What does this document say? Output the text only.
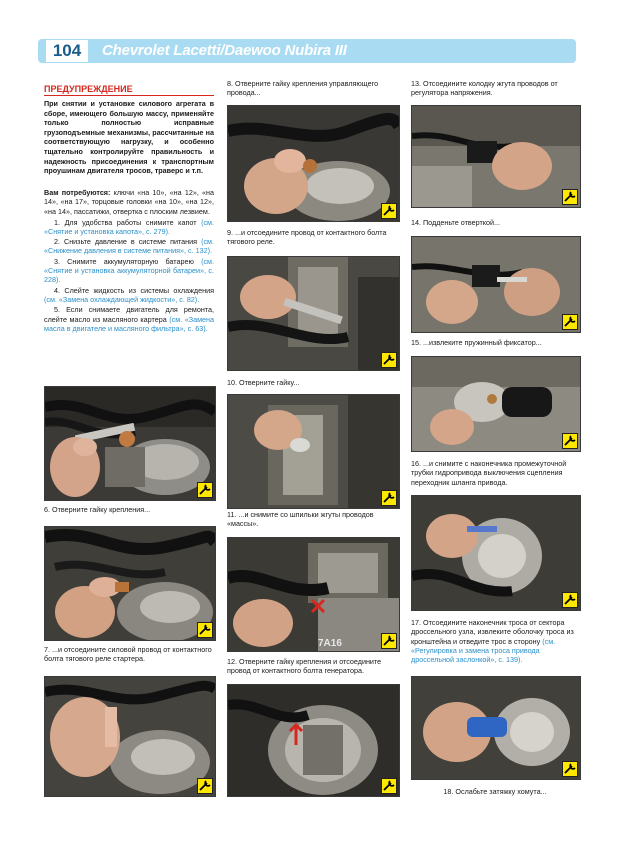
104	Chevrolet Lacetti/Daewoo Nubira III
ПРЕДУПРЕЖДЕНИЕ
При снятии и установке силового агрегата в сборе, имеющего большую массу, применяйте только полностью исправные грузоподъемные механизмы, рассчитанные на соответствующую нагрузку, и особенно тщательно контролируйте правильность и надежность присоединения к транспортным проушинам двигателя тросов, траверс и т.п.
Вам потребуются: ключи «на 10», «на 12», «на 14», «на 17», торцовые головки «на 10», «на 12», «на 14», пассатижи, отвертка с плоским лезвием.
1. Для удобства работы снимите капот (см. «Снятие и установка капота», с. 279).
2. Снизьте давление в системе питания (см. «Снижение давления в системе питания», с. 132).
3. Снимите аккумуляторную батарею (см. «Снятие и установка аккумуляторной батареи», с. 228).
4. Слейте жидкость из системы охлаждения (см. «Замена охлаждающей жидкости», с. 82).
5. Если снимаете двигатель для ремонта, слейте масло из масляного картера (см. «Замена масла в двигателе и масляного фильтра», с. 63).
6. Отверните гайку крепления...
7. ...и отсоедините силовой провод от контактного болта тягового реле стартера.
8. Отверните гайку крепления управляющего провода...
9. ...и отсоедините провод от контактного болта тягового реле.
10. Отверните гайку...
11. ...и снимите со шпильки жгуты проводов «массы».
12. Отверните гайку крепления и отсоедините провод от контактного болта генератора.
7A16
13. Отсоедините колодку жгута проводов от регулятора напряжения.
14. Подденьте отверткой...
15. ...извлеките пружинный фиксатор...
16. ...и снимите с наконечника промежуточной трубки гидропривода выключения сцепления переходник шланга привода.
17. Отсоедините наконечник троса от сектора дроссельного узла, извлеките оболочку троса из кронштейна и отведите трос в сторону (см. «Регулировка и замена троса привода дроссельной заслонкой», с. 139).
18. Ослабьте затяжку хомута...
